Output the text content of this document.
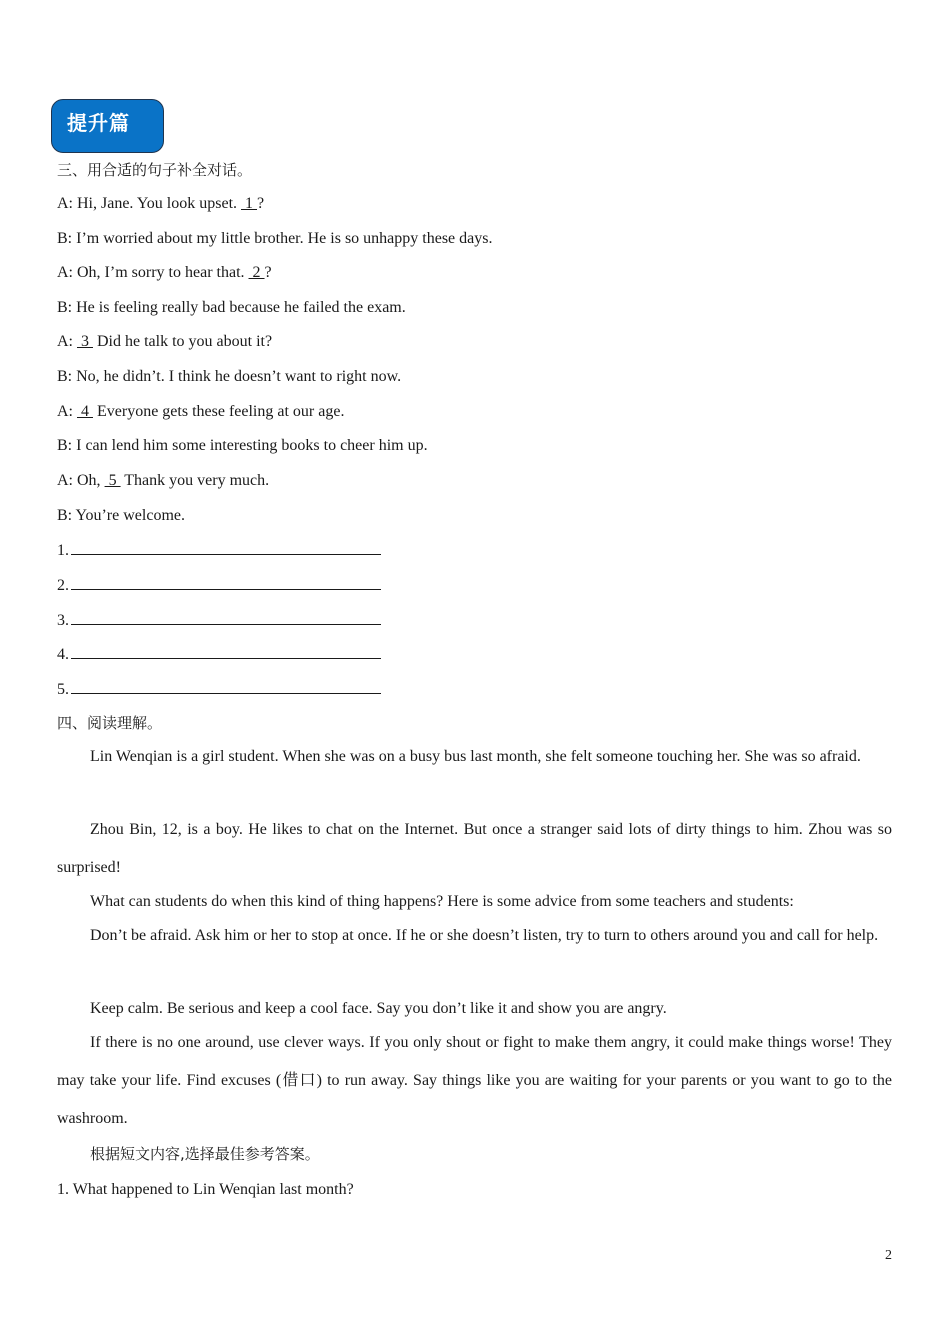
提升篇
三、用合适的句子补全对话。
A: Hi, Jane. You look upset.  1 ?
B: I’m worried about my little brother. He is so unhappy these days.
A: Oh, I’m sorry to hear that.  2 ?
B: He is feeling really bad because he failed the exam.
A:  3  Did he talk to you about it?
B: No, he didn’t. I think he doesn’t want to right now.
A:  4  Everyone gets these feeling at our age.
B: I can lend him some interesting books to cheer him up.
A: Oh,  5  Thank you very much.
B: You’re welcome.
1.
2.
3.
4.
5.
四、阅读理解。

Lin Wenqian is a girl student. When she was on a busy bus last month, she felt someone touching her. She was so afraid.

Zhou Bin, 12, is a boy. He likes to chat on the Internet. But once a stranger said lots of dirty things to him. Zhou was so surprised!

What can students do when this kind of thing happens? Here is some advice from some teachers and students:

Don’t be afraid. Ask him or her to stop at once. If he or she doesn’t listen, try to turn to others around you and call for help.

Keep calm. Be serious and keep a cool face. Say you don’t like it and show you are angry.

If there is no one around, use clever ways. If you only shout or fight to make them angry, it could make things worse! They may take your life. Find excuses (借口) to run away. Say things like you are waiting for your parents or you want to go to the washroom.

根据短文内容,选择最佳参考答案。
1. What happened to Lin Wenqian last month?
2
